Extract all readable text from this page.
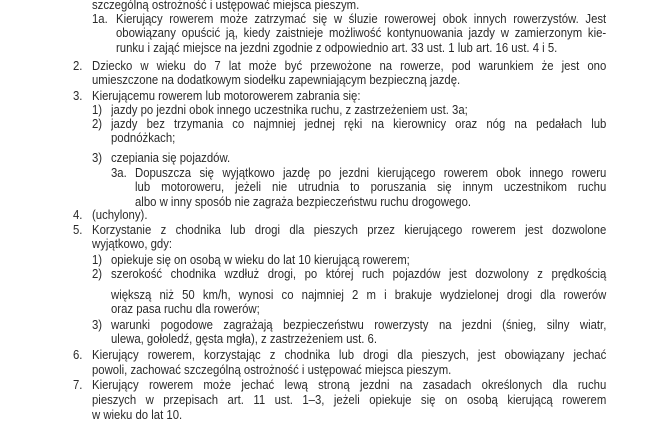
szczególną ostrożność i ustępować miejsca pieszym.
1a. Kierujący rowerem może zatrzymać się w śluzie rowerowej obok innych rowerzystów. Jest
obowiązany opuścić ją, kiedy zaistnieje możliwość kontynuowania jazdy w zamierzonym kie-
runku i zająć miejsce na jezdni zgodnie z odpowiednio art. 33 ust. 1 lub art. 16 ust. 4 i 5.
2. Dziecko w wieku do 7 lat może być przewożone na rowerze, pod warunkiem że jest ono
umieszczone na dodatkowym siodełku zapewniającym bezpieczną jazdę.
3. Kierującemu rowerem lub motorowerem zabrania się:
1) jazdy po jezdni obok innego uczestnika ruchu, z zastrzeżeniem ust. 3a;
2) jazdy bez trzymania co najmniej jednej ręki na kierownicy oraz nóg na pedałach lub
podnóżkach;
3) czepiania się pojazdów.
3a. Dopuszcza się wyjątkowo jazdę po jezdni kierującego rowerem obok innego roweru
lub motoroweru, jeżeli nie utrudnia to poruszania się innym uczestnikom ruchu
albo w inny sposób nie zagraża bezpieczeństwu ruchu drogowego.
4. (uchylony).
5. Korzystanie z chodnika lub drogi dla pieszych przez kierującego rowerem jest dozwolone
wyjątkowo, gdy:
1) opiekuje się on osobą w wieku do lat 10 kierującą rowerem;
2) szerokość chodnika wzdłuż drogi, po której ruch pojazdów jest dozwolony z prędkością
większą niż 50 km/h, wynosi co najmniej 2 m i brakuje wydzielonej drogi dla rowerów
oraz pasa ruchu dla rowerów;
3) warunki pogodowe zagrażają bezpieczeństwu rowerzysty na jezdni (śnieg, silny wiatr,
ulewa, gołoledź, gęsta mgła), z zastrzeżeniem ust. 6.
6. Kierujący rowerem, korzystając z chodnika lub drogi dla pieszych, jest obowiązany jechać
powoli, zachować szczególną ostrożność i ustępować miejsca pieszym.
7. Kierujący rowerem może jechać lewą stroną jezdni na zasadach określonych dla ruchu
pieszych w przepisach art. 11 ust. 1–3, jeżeli opiekuje się on osobą kierującą rowerem
w wieku do lat 10.
